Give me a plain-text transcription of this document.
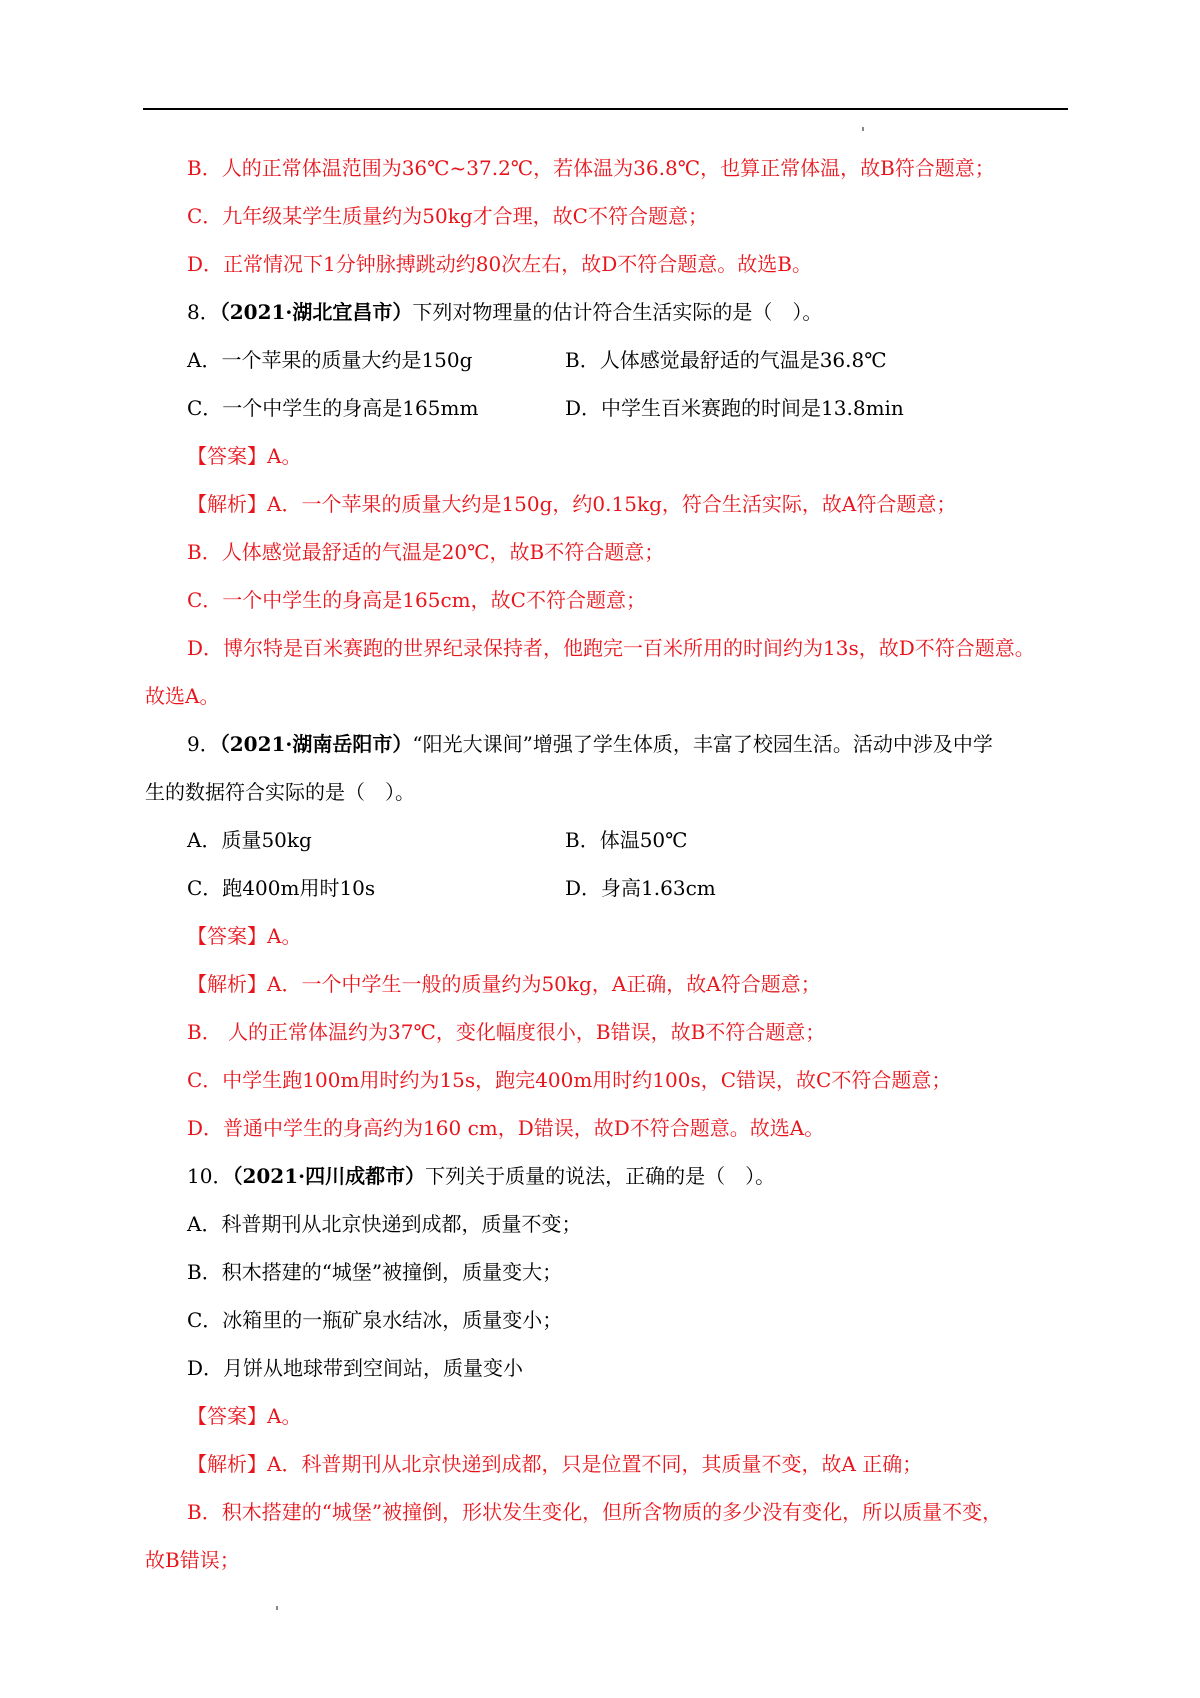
B．人的正常体温范围为36℃~37.2℃，若体温为36.8℃，也算正常体温，故B符合题意；
C．九年级某学生质量约为50kg才合理，故C不符合题意；
D．正常情况下1分钟脉搏跳动约80次左右，故D不符合题意。故选B。
8．（2021·湖北宜昌市）下列对物理量的估计符合生活实际的是（　）。
A．一个苹果的质量大约是150g	B．人体感觉最舒适的气温是36.8℃
C．一个中学生的身高是165mm	D．中学生百米赛跑的时间是13.8min
【答案】A。
【解析】A．一个苹果的质量大约是150g，约0.15kg，符合生活实际，故A符合题意；
B．人体感觉最舒适的气温是20℃，故B不符合题意；
C．一个中学生的身高是165cm，故C不符合题意；
D．博尔特是百米赛跑的世界纪录保持者，他跑完一百米所用的时间约为13s，故D不符合题意。
故选A。
9．（2021·湖南岳阳市）“阳光大课间”增强了学生体质，丰富了校园生活。活动中涉及中学
生的数据符合实际的是（　）。
A．质量50kg	B．体温50℃
C．跑400m用时10s	D．身高1.63cm
【答案】A。
【解析】A．一个中学生一般的质量约为50kg，A正确，故A符合题意；
B． 人的正常体温约为37℃，变化幅度很小，B错误，故B不符合题意；
C．中学生跑100m用时约为15s，跑完400m用时约100s，C错误，故C不符合题意；
D．普通中学生的身高约为160 cm，D错误，故D不符合题意。故选A。
10．（2021·四川成都市）下列关于质量的说法，正确的是（　）。
A．科普期刊从北京快递到成都，质量不变；
B．积木搭建的“城堡”被撞倒，质量变大；
C．冰箱里的一瓶矿泉水结冰，质量变小；
D．月饼从地球带到空间站，质量变小
【答案】A。
【解析】A．科普期刊从北京快递到成都，只是位置不同，其质量不变，故A 正确；
B．积木搭建的“城堡”被撞倒，形状发生变化，但所含物质的多少没有变化，所以质量不变，
故B错误；
